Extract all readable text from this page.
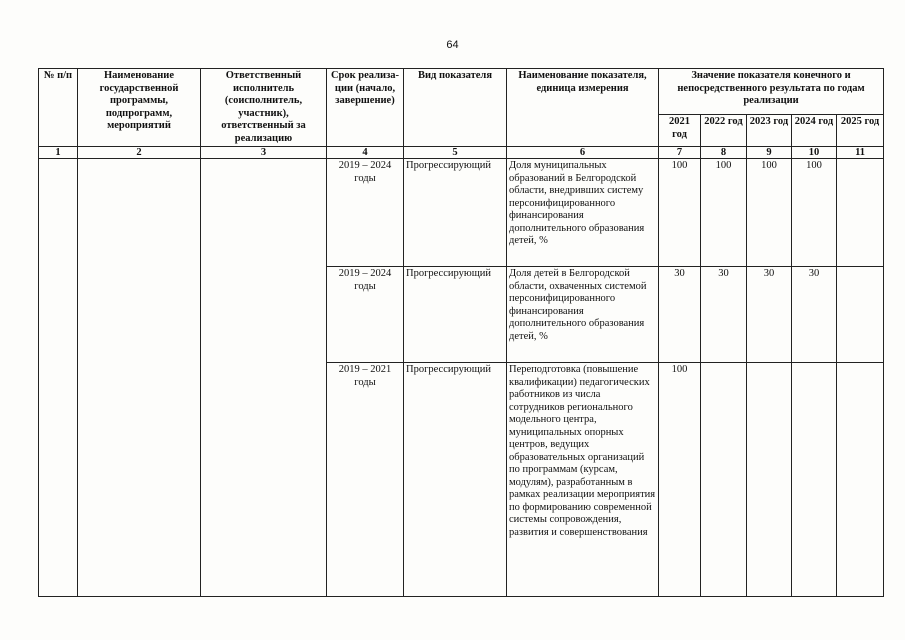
64
№ п/п	Наименование государственной программы, подпрограмм, мероприятий	Ответственный исполнитель (соисполнитель, участник), ответственный за реализацию	Срок реализа- ции (начало, завершение)	Вид показателя	Наименование показателя, единица измерения	Значение показателя конечного и непосредственного результата по годам реализации				
						2021 год	2022 год	2023 год	2024 год	2025 год
1	2	3	4	5	6	7	8	9	10	11
			2019 – 2024 годы	Прогрессирующий	Доля муниципальных образований в Белгородской области, внедривших систему персонифицированного финансирования дополнительного образования детей, %	100	100	100	100	
			2019 – 2024 годы	Прогрессирующий	Доля детей в Белгородской области, охваченных системой персонифицированного финансирования дополнительного образования детей, %	30	30	30	30	
			2019 – 2021 годы	Прогрессирующий	Переподготовка (повышение квалификации) педагогических работников из числа сотрудников регионального модельного центра, муниципальных опорных центров, ведущих образовательных организаций по программам (курсам, модулям), разработанным в рамках реализации мероприятия по формированию современной системы сопровождения, развития и совершенствования	100				
